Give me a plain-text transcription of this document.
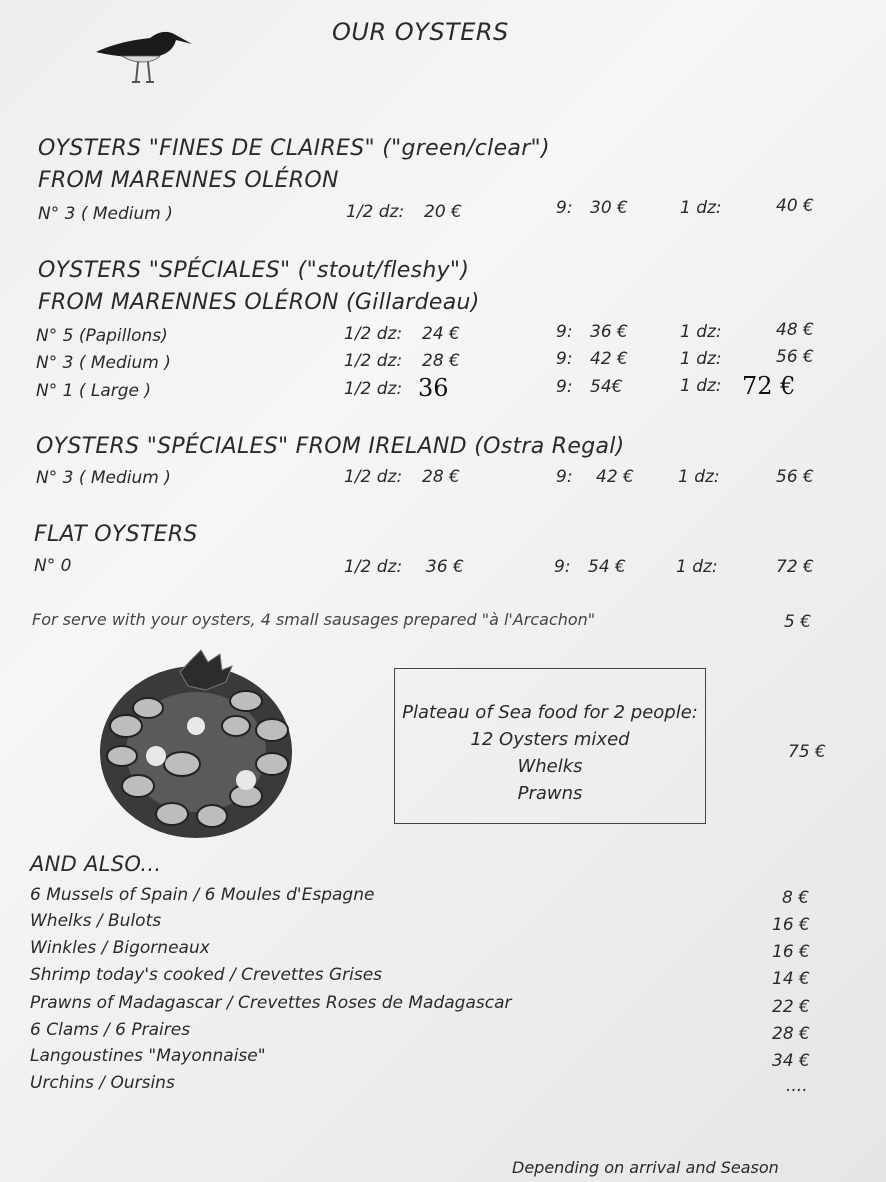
OUR OYSTERS
OYSTERS "FINES DE CLAIRES" ("green/clear")
FROM MARENNES OLÉRON
N° 3 ( Medium )	1/2 dz: 20 €	9: 30 €	1 dz:	40 €
OYSTERS "SPÉCIALES" ("stout/fleshy")
FROM MARENNES OLÉRON (Gillardeau)
N° 5 (Papillons)	1/2 dz: 24 €	9: 36 €	1 dz:	48 €
N° 3 ( Medium )	1/2 dz: 28 €	9: 42 €	1 dz:	56 €
N° 1 ( Large )	1/2 dz: 36	9: 54€	1 dz: 72 €
OYSTERS "SPÉCIALES" FROM IRELAND (Ostra Regal)
N° 3 ( Medium )	1/2 dz: 28 €	9: 42 €	1 dz:	56 €
FLAT OYSTERS
N° 0	1/2 dz: 36 €	9: 54 €	1 dz:	72 €
For serve with your oysters, 4 small sausages prepared "à l'Arcachon"	5 €
Plateau of Sea food for 2 people:
12 Oysters mixed
Whelks
Prawns
75 €
AND ALSO...
6 Mussels of Spain / 6 Moules d'Espagne	8 €
Whelks / Bulots	16 €
Winkles / Bigorneaux	16 €
Shrimp today's cooked / Crevettes Grises	14 €
Prawns of Madagascar / Crevettes Roses de Madagascar	22 €
6 Clams / 6 Praires	28 €
Langoustines "Mayonnaise"	34 €
Urchins / Oursins	....
Depending on arrival and Season
